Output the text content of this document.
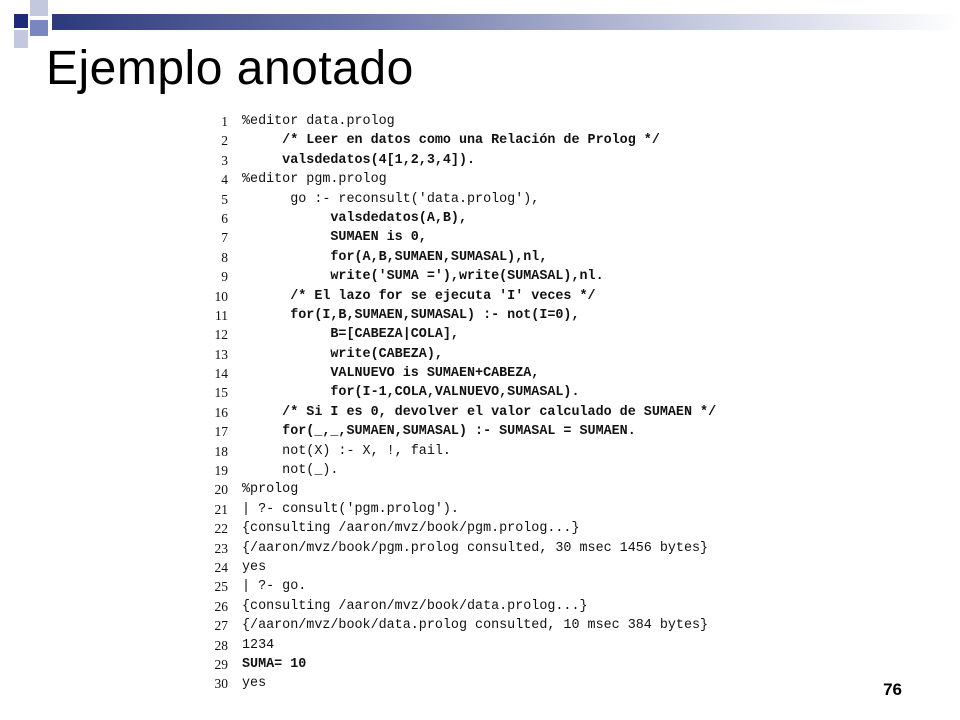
Ejemplo anotado
1 %editor data.prolog
2 /* Leer en datos como una Relación de Prolog */
3 valsdedatos(4[1,2,3,4]).
4 %editor pgm.prolog
5 go :- reconsult('data.prolog'),
6 valsdedatos(A,B),
7 SUMAEN is 0,
8 for(A,B,SUMAEN,SUMASAL),nl,
9 write('SUMA ='),write(SUMASAL),nl.
10 /* El lazo for se ejecuta 'I' veces */
11 for(I,B,SUMAEN,SUMASAL) :- not(I=0),
12 B=[CABEZA|COLA],
13 write(CABEZA),
14 VALNUEVO is SUMAEN+CABEZA,
15 for(I-1,COLA,VALNUEVO,SUMASAL).
16 /* Si I es 0, devolver el valor calculado de SUMAEN */
17 for(_,_,SUMAEN,SUMASAL) :- SUMASAL = SUMAEN.
18 not(X) :- X, !, fail.
19 not(_).
20 %prolog
21 | ?- consult('pgm.prolog').
22 {consulting /aaron/mvz/book/pgm.prolog...}
23 {/aaron/mvz/book/pgm.prolog consulted, 30 msec 1456 bytes}
24 yes
25 | ?- go.
26 {consulting /aaron/mvz/book/data.prolog...}
27 {/aaron/mvz/book/data.prolog consulted, 10 msec 384 bytes}
28 1234
29 SUMA= 10
30 yes	76
